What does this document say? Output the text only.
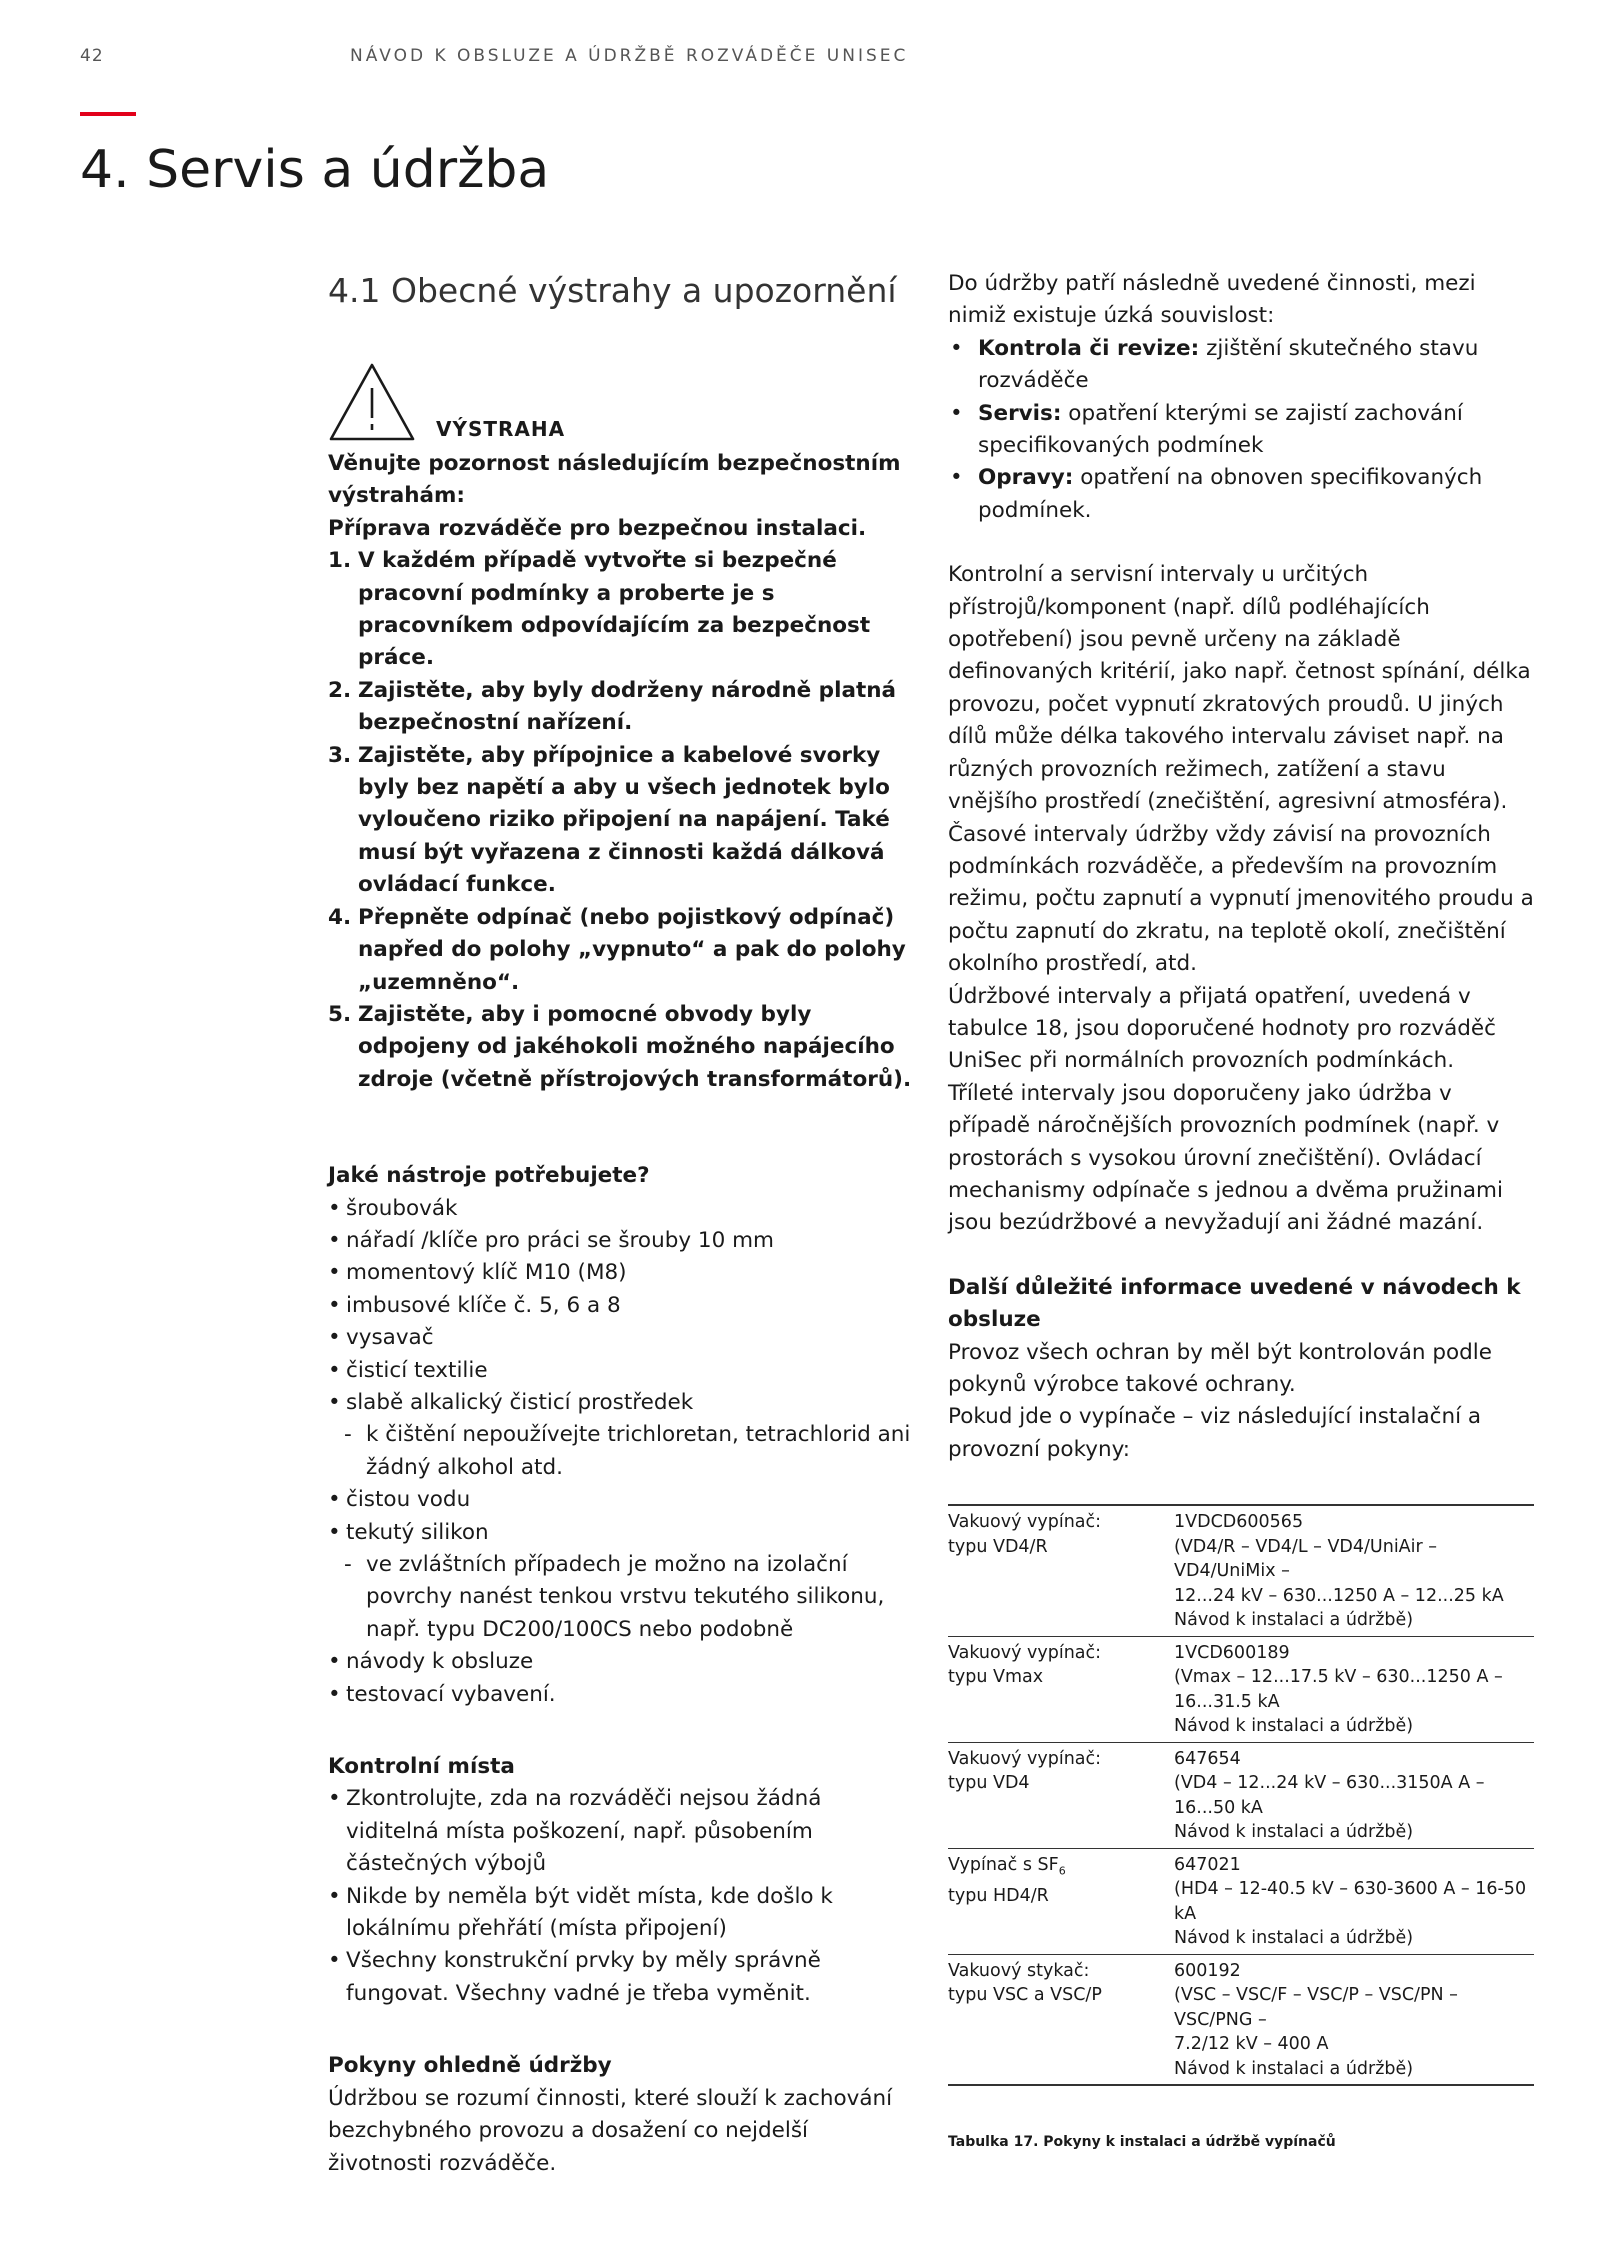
42	NÁVOD K OBSLUZE A ÚDRŽBĚ ROZVÁDĚČE UNISEC
4. Servis a údržba
4.1 Obecné výstrahy a upozornění
VÝSTRAHA

Věnujte pozornost následujícím bezpečnostním výstrahám:

Příprava rozváděče pro bezpečnou instalaci.

1. V každém případě vytvořte si bezpečné pracovní podmínky a proberte je s pracovníkem odpovídajícím za bezpečnost práce.
2. Zajistěte, aby byly dodrženy národně platná bezpečnostní nařízení.
3. Zajistěte, aby přípojnice a kabelové svorky byly bez napětí a aby u všech jednotek bylo vyloučeno riziko připojení na napájení. Také musí být vyřazena z činnosti každá dálková ovládací funkce.
4. Přepněte odpínač (nebo pojistkový odpínač) napřed do polohy „vypnuto“ a pak do polohy „uzemněno“.
5. Zajistěte, aby i pomocné obvody byly odpojeny od jakéhokoli možného napájecího zdroje (včetně přístrojových transformátorů).

Jaké nástroje potřebujete?

• šroubovák
• nářadí /klíče pro práci se šrouby 10 mm
• momentový klíč M10 (M8)
• imbusové klíče č. 5, 6 a 8
• vysavač
• čisticí textilie
• slabě alkalický čisticí prostředek
- k čištění nepoužívejte trichloretan, tetrachlorid ani žádný alkohol atd.
• čistou vodu
• tekutý silikon
- ve zvláštních případech je možno na izolační povrchy nanést tenkou vrstvu tekutého silikonu, např. typu DC200/100CS nebo podobně
• návody k obsluze
• testovací vybavení.

Kontrolní místa

• Zkontrolujte, zda na rozváděči nejsou žádná viditelná místa poškození, např. působením částečných výbojů
• Nikde by neměla být vidět místa, kde došlo k lokálnímu přehřátí (místa připojení)
• Všechny konstrukční prvky by měly správně fungovat. Všechny vadné je třeba vyměnit.

Pokyny ohledně údržby

Údržbou se rozumí činnosti, které slouží k zachování bezchybného provozu a dosažení co nejdelší životnosti rozváděče.

Do údržby patří následně uvedené činnosti, mezi nimiž existuje úzká souvislost:

• Kontrola či revize: zjištění skutečného stavu rozváděče
• Servis: opatření kterými se zajistí zachování specifikovaných podmínek
• Opravy: opatření na obnoven specifikovaných podmínek.

Kontrolní a servisní intervaly u určitých přístrojů/komponent (např. dílů podléhajících opotřebení) jsou pevně určeny na základě definovaných kritérií, jako např. četnost spínání, délka provozu, počet vypnutí zkratových proudů. U jiných dílů může délka takového intervalu záviset např. na různých provozních režimech, zatížení a stavu vnějšího prostředí (znečištění, agresivní atmosféra).

Časové intervaly údržby vždy závisí na provozních podmínkách rozváděče, a především na provozním režimu, počtu zapnutí a vypnutí jmenovitého proudu a počtu zapnutí do zkratu, na teplotě okolí, znečištění okolního prostředí, atd.

Údržbové intervaly a přijatá opatření, uvedená v tabulce 18, jsou doporučené hodnoty pro rozváděč UniSec při normálních provozních podmínkách.

Tříleté intervaly jsou doporučeny jako údržba v případě náročnějších provozních podmínek (např. v prostorách s vysokou úrovní znečištění). Ovládací mechanismy odpínače s jednou a dvěma pružinami jsou bezúdržbové a nevyžadují ani žádné mazání.

Další důležité informace uvedené v návodech k obsluze

Provoz všech ochran by měl být kontrolován podle pokynů výrobce takové ochrany.

Pokud jde o vypínače – viz následující instalační a provozní pokyny:

Vakuový vypínač:
typu VD4/R	1VDCD600565
(VD4/R – VD4/L – VD4/UniAir – VD4/UniMix –
12...24 kV – 630...1250 A – 12...25 kA
Návod k instalaci a údržbě)
Vakuový vypínač:
typu Vmax	1VCD600189
(Vmax – 12...17.5 kV – 630...1250 A – 16...31.5 kA
Návod k instalaci a údržbě)
Vakuový vypínač:
typu VD4	647654
(VD4 – 12...24 kV – 630...3150A A – 16...50 kA
Návod k instalaci a údržbě)
Vypínač s $SF_6$
typu HD4/R	647021
(HD4 – 12-40.5 kV – 630-3600 A – 16-50 kA
Návod k instalaci a údržbě)
Vakuový stykač:
typu VSC a VSC/P	600192
(VSC – VSC/F – VSC/P – VSC/PN – VSC/PNG –
7.2/12 kV – 400 A
Návod k instalaci a údržbě)
Tabulka 17. Pokyny k instalaci a údržbě vypínačů
